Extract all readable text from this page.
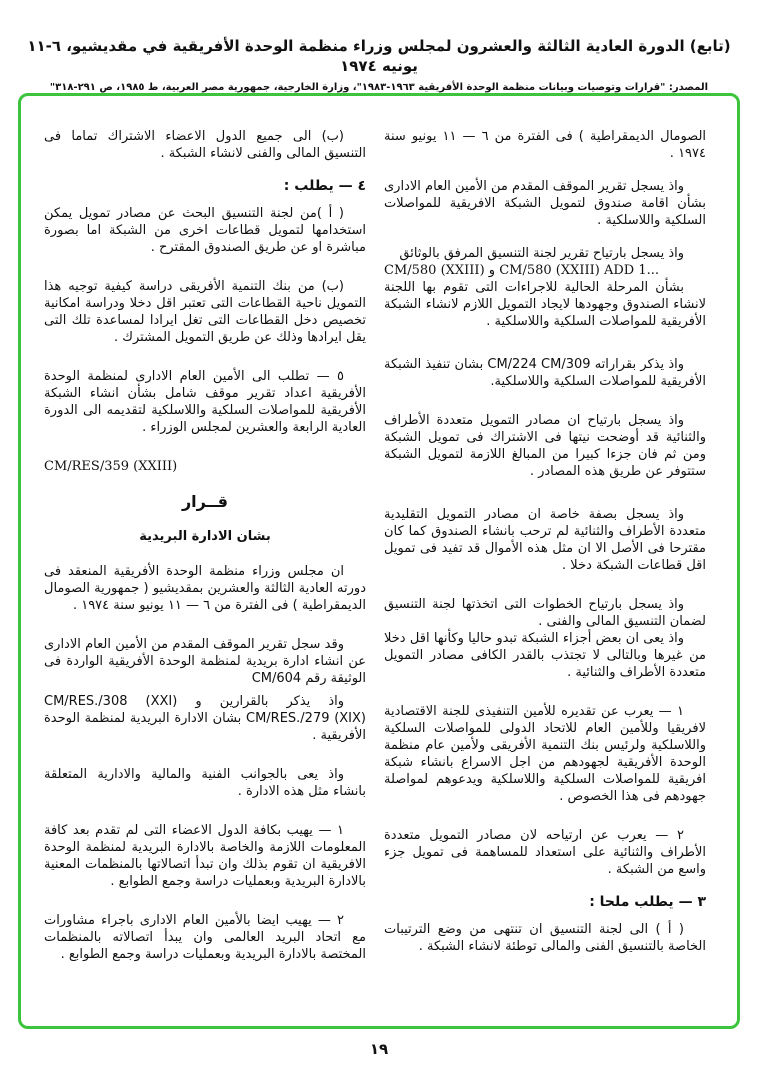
(تابع) الدورة العادية الثالثة والعشرون لمجلس وزراء منظمة الوحدة الأفريقية في مقديشيو، ٦-١١ يونيه ١٩٧٤
المصدر: "قرارات وتوصيات وبيانات منظمة الوحدة الأفريقية ١٩٦٣-١٩٨٣"، وزارة الخارجية، جمهورية مصر العربية، ط ١٩٨٥، ص ٢٩١-٣١٨"

الصومال الديمقراطية ) فى الفترة من ٦ — ١١ يونيو سنة ١٩٧٤ .

واذ يسجل تقرير الموقف المقدم من الأمين العام الادارى بشأن اقامة صندوق لتمويل الشبكة الافريقية للمواصلات السلكية واللاسلكية .

واذ يسجل بارتياح تقرير لجنة التنسيق المرفق بالوثائق

CM/580 (XXIII) و CM/580 (XXIII) ADD 1...

بشأن المرحلة الحالية للاجراءات التى تقوم بها اللجنة لانشاء الصندوق وجهودها لايجاد التمويل اللازم لانشاء الشبكة الأفريقية للمواصلات السلكية واللاسلكية .

واذ يذكر بقراراته CM/224 CM/309 بشان تنفيذ الشبكة الأفريقية للمواصلات السلكية واللاسلكية.

واذ يسجل بارتياح ان مصادر التمويل متعددة الأطراف والثنائية قد أوضحت نيتها فى الاشتراك فى تمويل الشبكة ومن ثم فان جزءا كبيرا من المبالغ اللازمة لتمويل الشبكة ستتوفر عن طريق هذه المصادر .

واذ يسجل بصفة خاصة ان مصادر التمويل التقليدية متعددة الأطراف والثنائية لم ترحب بانشاء الصندوق كما كان مقترحا فى الأصل الا ان مثل هذه الأموال قد تفيد فى تمويل اقل قطاعات الشبكة دخلا .

واذ يسجل بارتياح الخطوات التى اتخذتها لجنة التنسيق لضمان التنسيق المالى والفنى .

واذ يعى ان بعض أجزاء الشبكة تبدو حاليا وكأنها اقل دخلا من غيرها وبالتالى لا تجتذب بالقدر الكافى مصادر التمويل متعددة الأطراف والثنائية .

١ — يعرب عن تقديره للأمين التنفيذى للجنة الاقتصادية لافريقيا وللأمين العام للاتحاد الدولى للمواصلات السلكية واللاسلكية ولرئيس بنك التنمية الأفريقى ولأمين عام منظمة الوحدة الأفريقية لجهودهم من اجل الاسراع بانشاء شبكة افريقية للمواصلات السلكية واللاسلكية ويدعوهم لمواصلة جهودهم فى هذا الخصوص .

٢ — يعرب عن ارتياحه لان مصادر التمويل متعددة الأطراف والثنائية على استعداد للمساهمة فى تمويل جزء واسع من الشبكة .

٣ — يطلب ملحا :

( أ ) الى لجنة التنسيق ان تنتهى من وضع الترتيبات الخاصة بالتنسيق الفنى والمالى توطئة لانشاء الشبكة .

(ب) الى جميع الدول الاعضاء الاشتراك تماما فى التنسيق المالى والفنى لانشاء الشبكة .

٤ — يطلب :

( أ )من لجنة التنسيق البحث عن مصادر تمويل يمكن استخدامها لتمويل قطاعات اخرى من الشبكة اما بصورة مباشرة او عن طريق الصندوق المقترح .

(ب) من بنك التنمية الأفريقى دراسة كيفية توجيه هذا التمويل ناحية القطاعات التى تعتبر اقل دخلا ودراسة امكانية تخصيص دخل القطاعات التى تغل ايرادا لمساعدة تلك التى يقل ايرادها وذلك عن طريق التمويل المشترك .

٥ — تطلب الى الأمين العام الادارى لمنظمة الوحدة الأفريقية اعداد تقرير موقف شامل بشأن انشاء الشبكة الأفريقية للمواصلات السلكية واللاسلكية لتقديمه الى الدورة العادية الرابعة والعشرين لمجلس الوزراء .

CM/RES/359 (XXIII)

قــرار

بشان الادارة البريدية

ان مجلس وزراء منظمة الوحدة الأفريقية المنعقد فى دورته العادية الثالثة والعشرين بمقديشيو ( جمهورية الصومال الديمقراطية ) فى الفترة من ٦ — ١١ يونيو سنة ١٩٧٤ .

وقد سجل تقرير الموقف المقدم من الأمين العام الادارى عن انشاء ادارة بريدية لمنظمة الوحدة الأفريقية الواردة فى الوثيقة رقم CM/604

واذ يذكر بالقرارين و CM/RES./308 (XXI) CM/RES./279 (XIX) بشان الادارة البريدية لمنظمة الوحدة الأفريقية .

واذ يعى بالجوانب الفنية والمالية والادارية المتعلقة بانشاء مثل هذه الادارة .

١ — يهيب بكافة الدول الاعضاء التى لم تقدم بعد كافة المعلومات اللازمة والخاصة بالادارة البريدية لمنظمة الوحدة الافريقية ان تقوم بذلك وان تبدأ اتصالاتها بالمنظمات المعنية بالادارة البريدية وبعمليات دراسة وجمع الطوابع .

٢ — يهيب ايضا بالأمين العام الادارى باجراء مشاورات مع اتحاد البريد العالمى وان يبدأ اتصالاته بالمنظمات المختصة بالادارة البريدية وبعمليات دراسة وجمع الطوابع .

١٩
